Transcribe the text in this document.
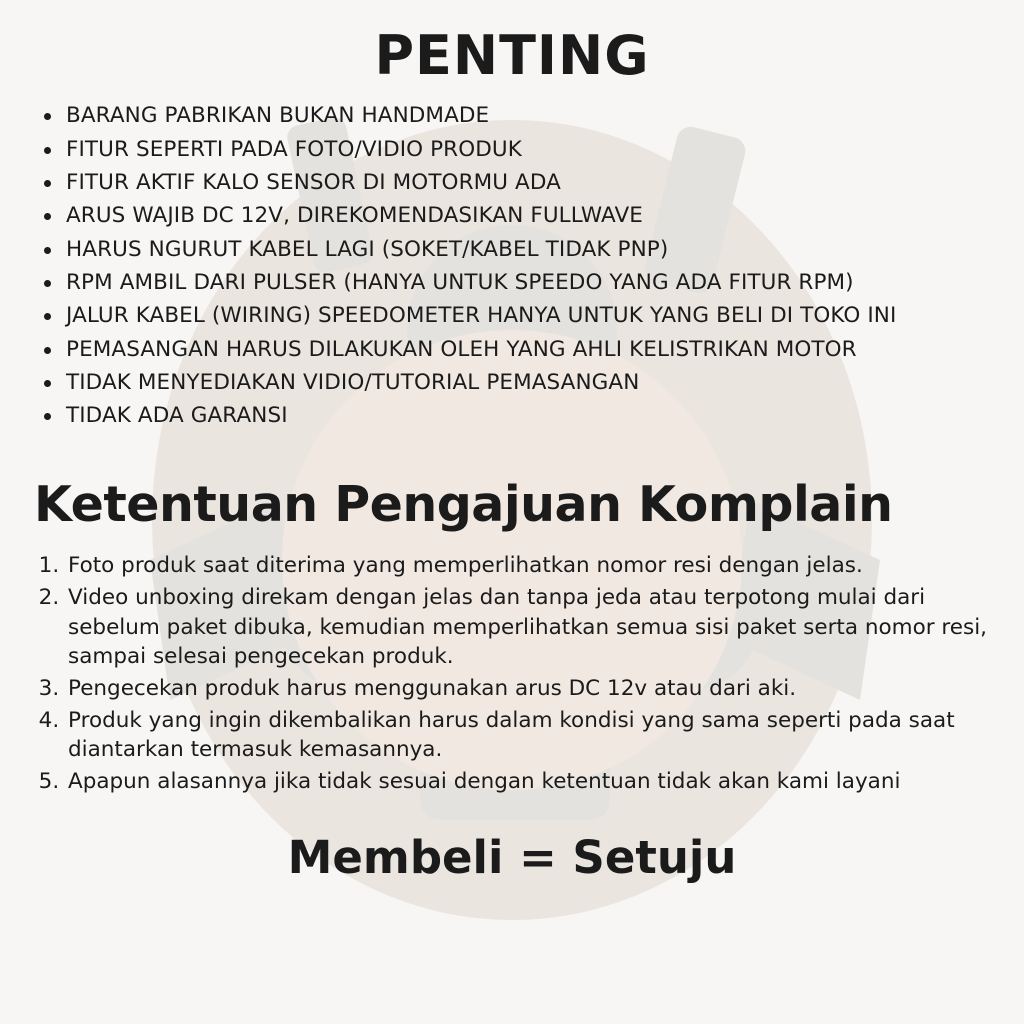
PENTING
BARANG PABRIKAN BUKAN HANDMADE
FITUR SEPERTI PADA FOTO/VIDIO PRODUK
FITUR AKTIF KALO SENSOR DI MOTORMU ADA
ARUS WAJIB DC 12V, DIREKOMENDASIKAN FULLWAVE
HARUS NGURUT KABEL LAGI (SOKET/KABEL TIDAK PNP)
RPM AMBIL DARI PULSER (HANYA UNTUK SPEEDO YANG ADA FITUR RPM)
JALUR KABEL (WIRING) SPEEDOMETER HANYA UNTUK YANG BELI DI TOKO INI
PEMASANGAN HARUS DILAKUKAN OLEH YANG AHLI KELISTRIKAN MOTOR
TIDAK MENYEDIAKAN VIDIO/TUTORIAL PEMASANGAN
TIDAK ADA GARANSI
Ketentuan Pengajuan Komplain
1. Foto produk saat diterima yang memperlihatkan nomor resi dengan jelas.
2. Video unboxing direkam dengan jelas dan tanpa jeda atau terpotong mulai dari sebelum paket dibuka, kemudian memperlihatkan semua sisi paket serta nomor resi, sampai selesai pengecekan produk.
3. Pengecekan produk harus menggunakan arus DC 12v atau dari aki.
4. Produk yang ingin dikembalikan harus dalam kondisi yang sama seperti pada saat diantarkan termasuk kemasannya.
5. Apapun alasannya jika tidak sesuai dengan ketentuan tidak akan kami layani
Membeli = Setuju
